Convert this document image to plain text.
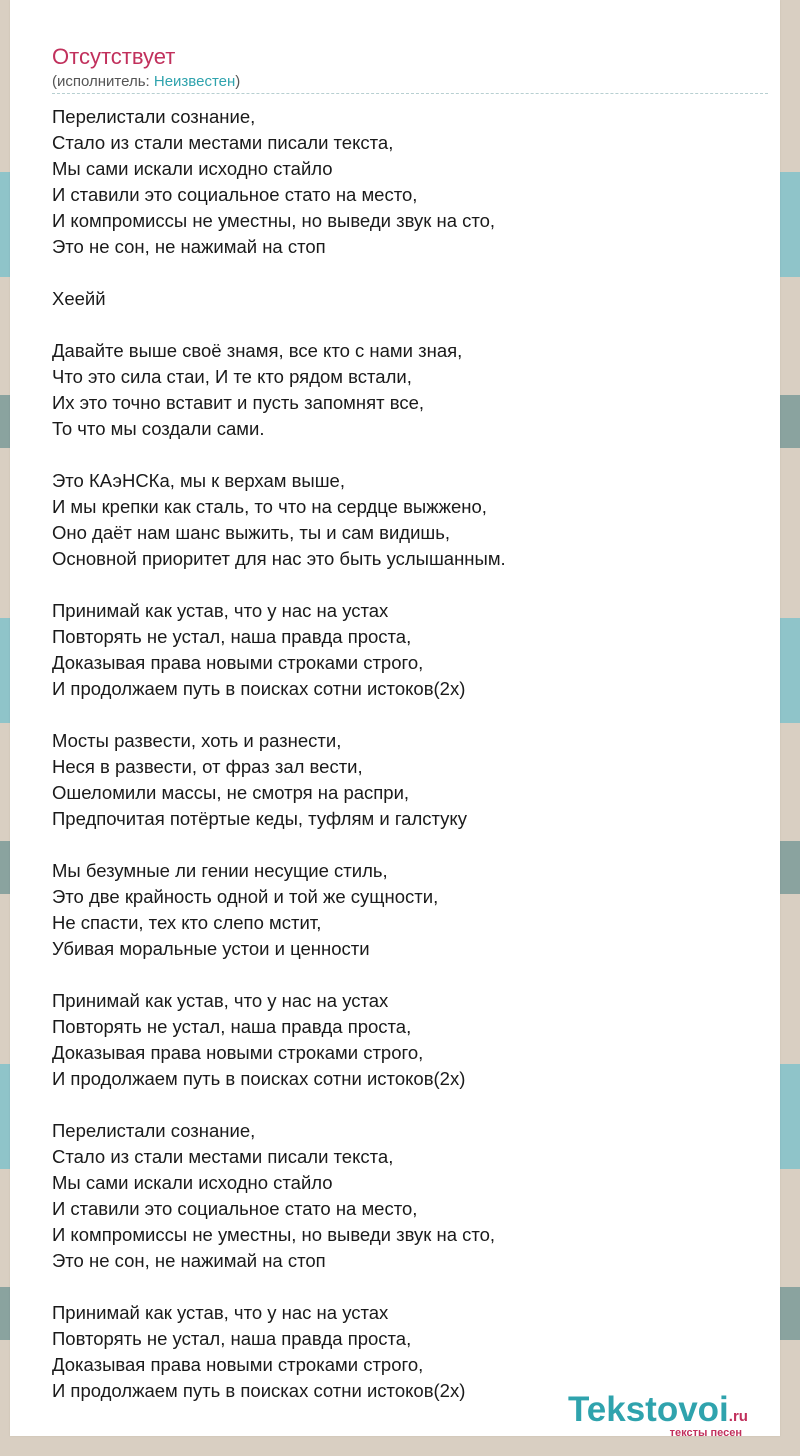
Отсутствует
(исполнитель: Неизвестен)
Перелистали сознание,
Стало из стали местами писали текста,
Мы сами искали исходно стайло
И ставили это социальное стато на место,
И компромиссы не уместны, но выведи звук на сто,
Это не сон, не нажимай на стоп
Хеейй
Давайте выше своё знамя, все кто с нами зная,
Что это сила стаи, И те кто рядом встали,
Их это точно вставит и пусть запомнят все,
То что мы создали сами.
Это КАэНСКа, мы к верхам выше,
И мы крепки как сталь, то что на сердце выжжено,
Оно даёт нам шанс выжить, ты и сам видишь,
Основной приоритет для нас это быть услышанным.
Принимай как устав, что у нас на устах
Повторять не устал, наша правда проста,
Доказывая права новыми строками строго,
И продолжаем путь в поисках сотни истоков(2х)
Мосты развести, хоть и разнести,
Неся в развести, от фраз зал вести,
Ошеломили массы, не смотря на распри,
Предпочитая потёртые кеды, туфлям и галстуку
Мы безумные ли гении несущие стиль,
Это две крайность одной и той же сущности,
Не спасти, тех кто слепо мстит,
Убивая моральные устои и ценности
Принимай как устав, что у нас на устах
Повторять не устал, наша правда проста,
Доказывая права новыми строками строго,
И продолжаем путь в поисках сотни истоков(2х)
Перелистали сознание,
Стало из стали местами писали текста,
Мы сами искали исходно стайло
И ставили это социальное стато на место,
И компромиссы не уместны, но выведи звук на сто,
Это не сон, не нажимай на стоп
Принимай как устав, что у нас на устах
Повторять не устал, наша правда проста,
Доказывая права новыми строками строго,
И продолжаем путь в поисках сотни истоков(2х)	Tekstovoi.ru
тексты песен
